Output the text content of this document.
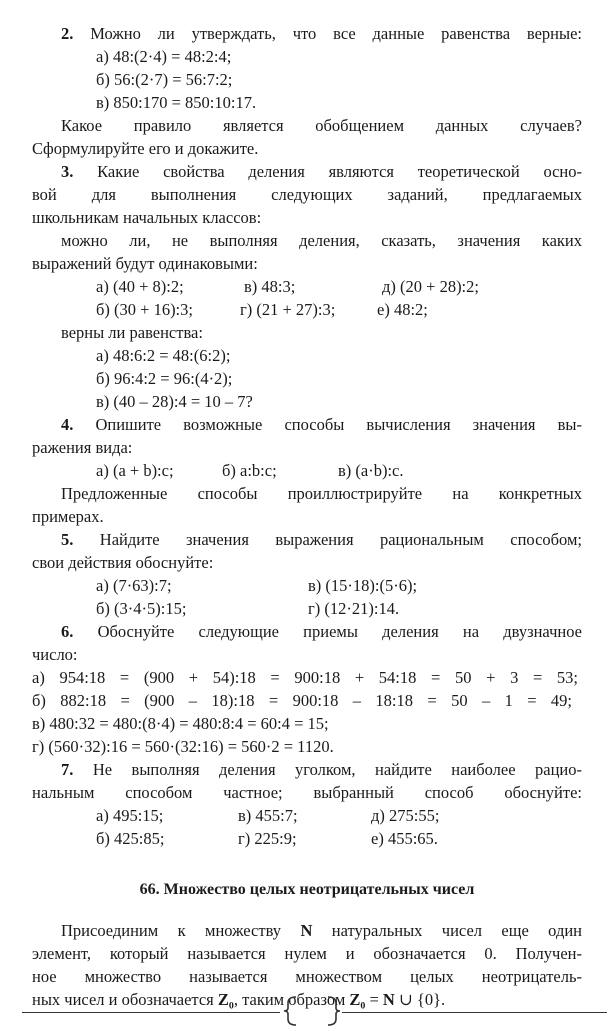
2. Можно ли утверждать, что все данные равенства верные:
а) 48:(2·4) = 48:2:4;
б) 56:(2·7) = 56:7:2;
в) 850:170 = 850:10:17.
Какое правило является обобщением данных случаев?
Сформулируйте его и докажите.
3. Какие свойства деления являются теоретической осно-
вой для выполнения следующих заданий, предлагаемых
школьникам начальных классов:
можно ли, не выполняя деления, сказать, значения каких
выражений будут одинаковыми:
а) (40 + 8):2;	в) 48:3;	д) (20 + 28):2;
б) (30 + 16):3;	г) (21 + 27):3;	е) 48:2;
верны ли равенства:
а) 48:6:2 = 48:(6:2);
б) 96:4:2 = 96:(4·2);
в) (40 – 28):4 = 10 – 7?
4. Опишите возможные способы вычисления значения вы-
ражения вида:
а) (a + b):c;	б) a:b:c;	в) (a·b):c.
Предложенные способы проиллюстрируйте на конкретных
примерах.
5. Найдите значения выражения рациональным способом;
свои действия обоснуйте:
а) (7·63):7;	в) (15·18):(5·6);
б) (3·4·5):15;	г) (12·21):14.
6. Обоснуйте следующие приемы деления на двузначное
число:
а) 954:18 = (900 + 54):18 = 900:18 + 54:18 = 50 + 3 = 53;
б) 882:18 = (900 – 18):18 = 900:18 – 18:18 = 50 – 1 = 49;
в) 480:32 = 480:(8·4) = 480:8:4 = 60:4 = 15;
г) (560·32):16 = 560·(32:16) = 560·2 = 1120.
7. Не выполняя деления уголком, найдите наиболее рацио-
нальным способом частное; выбранный способ обоснуйте:
а) 495:15;	в) 455:7;	д) 275:55;
б) 425:85;	г) 225:9;	е) 455:65.
66. Множество целых неотрицательных чисел
Присоединим к множеству N натуральных чисел еще один
элемент, который называется нулем и обозначается 0. Получен-
ное множество называется множеством целых неотрицатель-
ных чисел и обозначается Z₀, таким образом Z₀ = N ∪ {0}.
